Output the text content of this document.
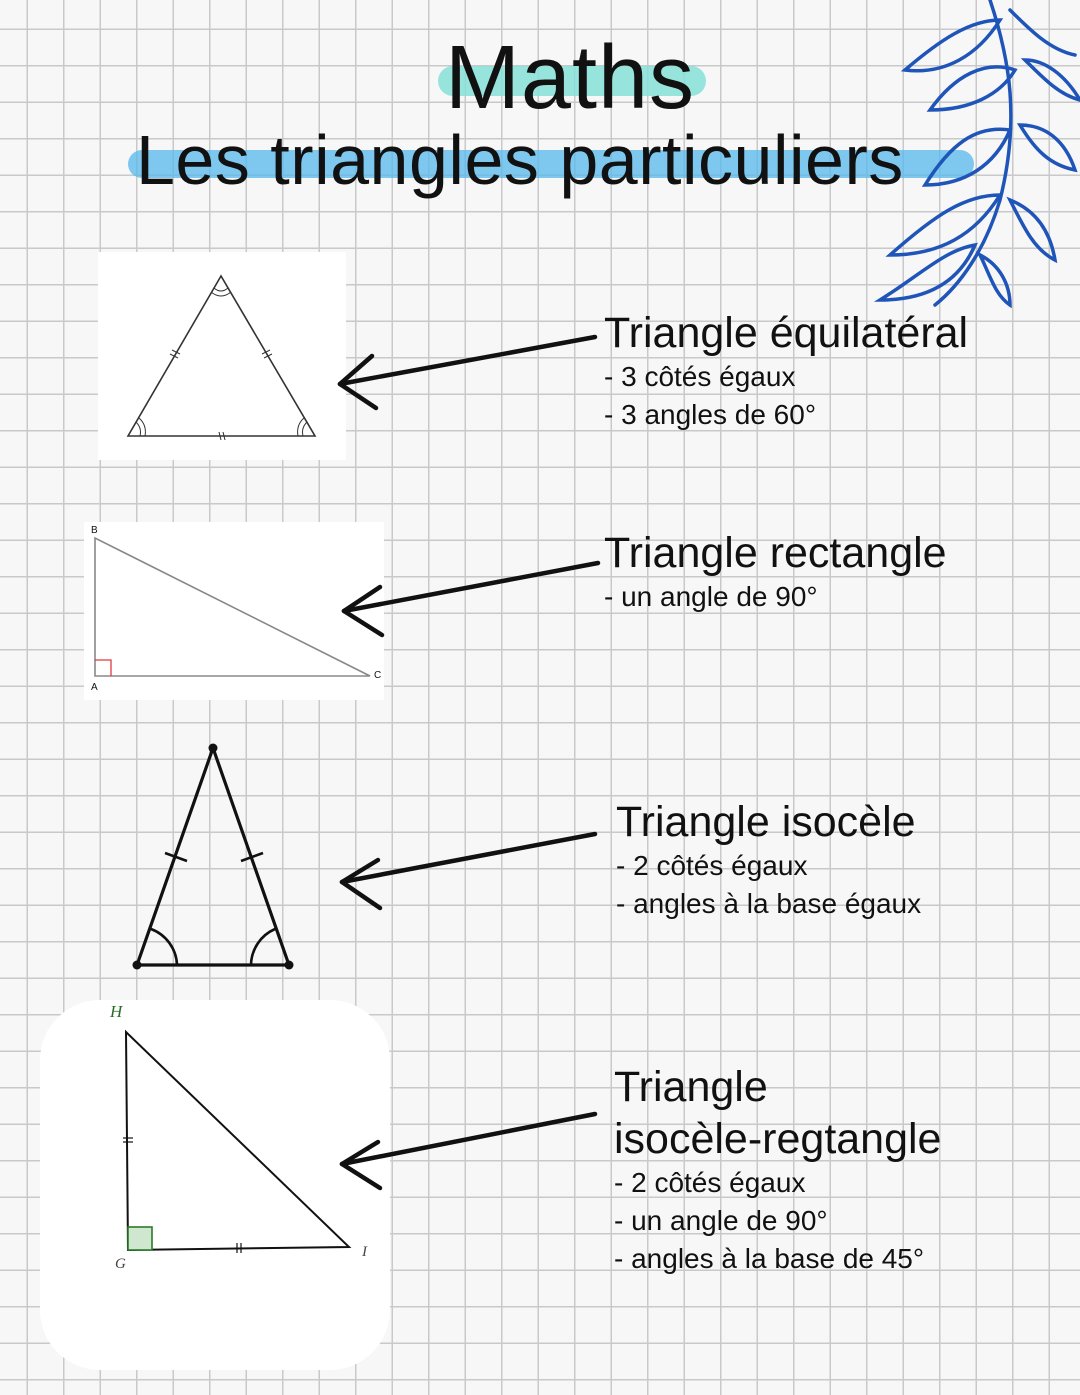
Maths
Les triangles particuliers
B
A
C
H
G
I
Triangle équilatéral
- 3 côtés égaux
- 3 angles de 60°
Triangle rectangle
- un angle de 90°
Triangle isocèle
- 2 côtés égaux
- angles à la base égaux
Triangle
isocèle-regtangle
- 2 côtés égaux
- un angle de 90°
- angles à la base de 45°
